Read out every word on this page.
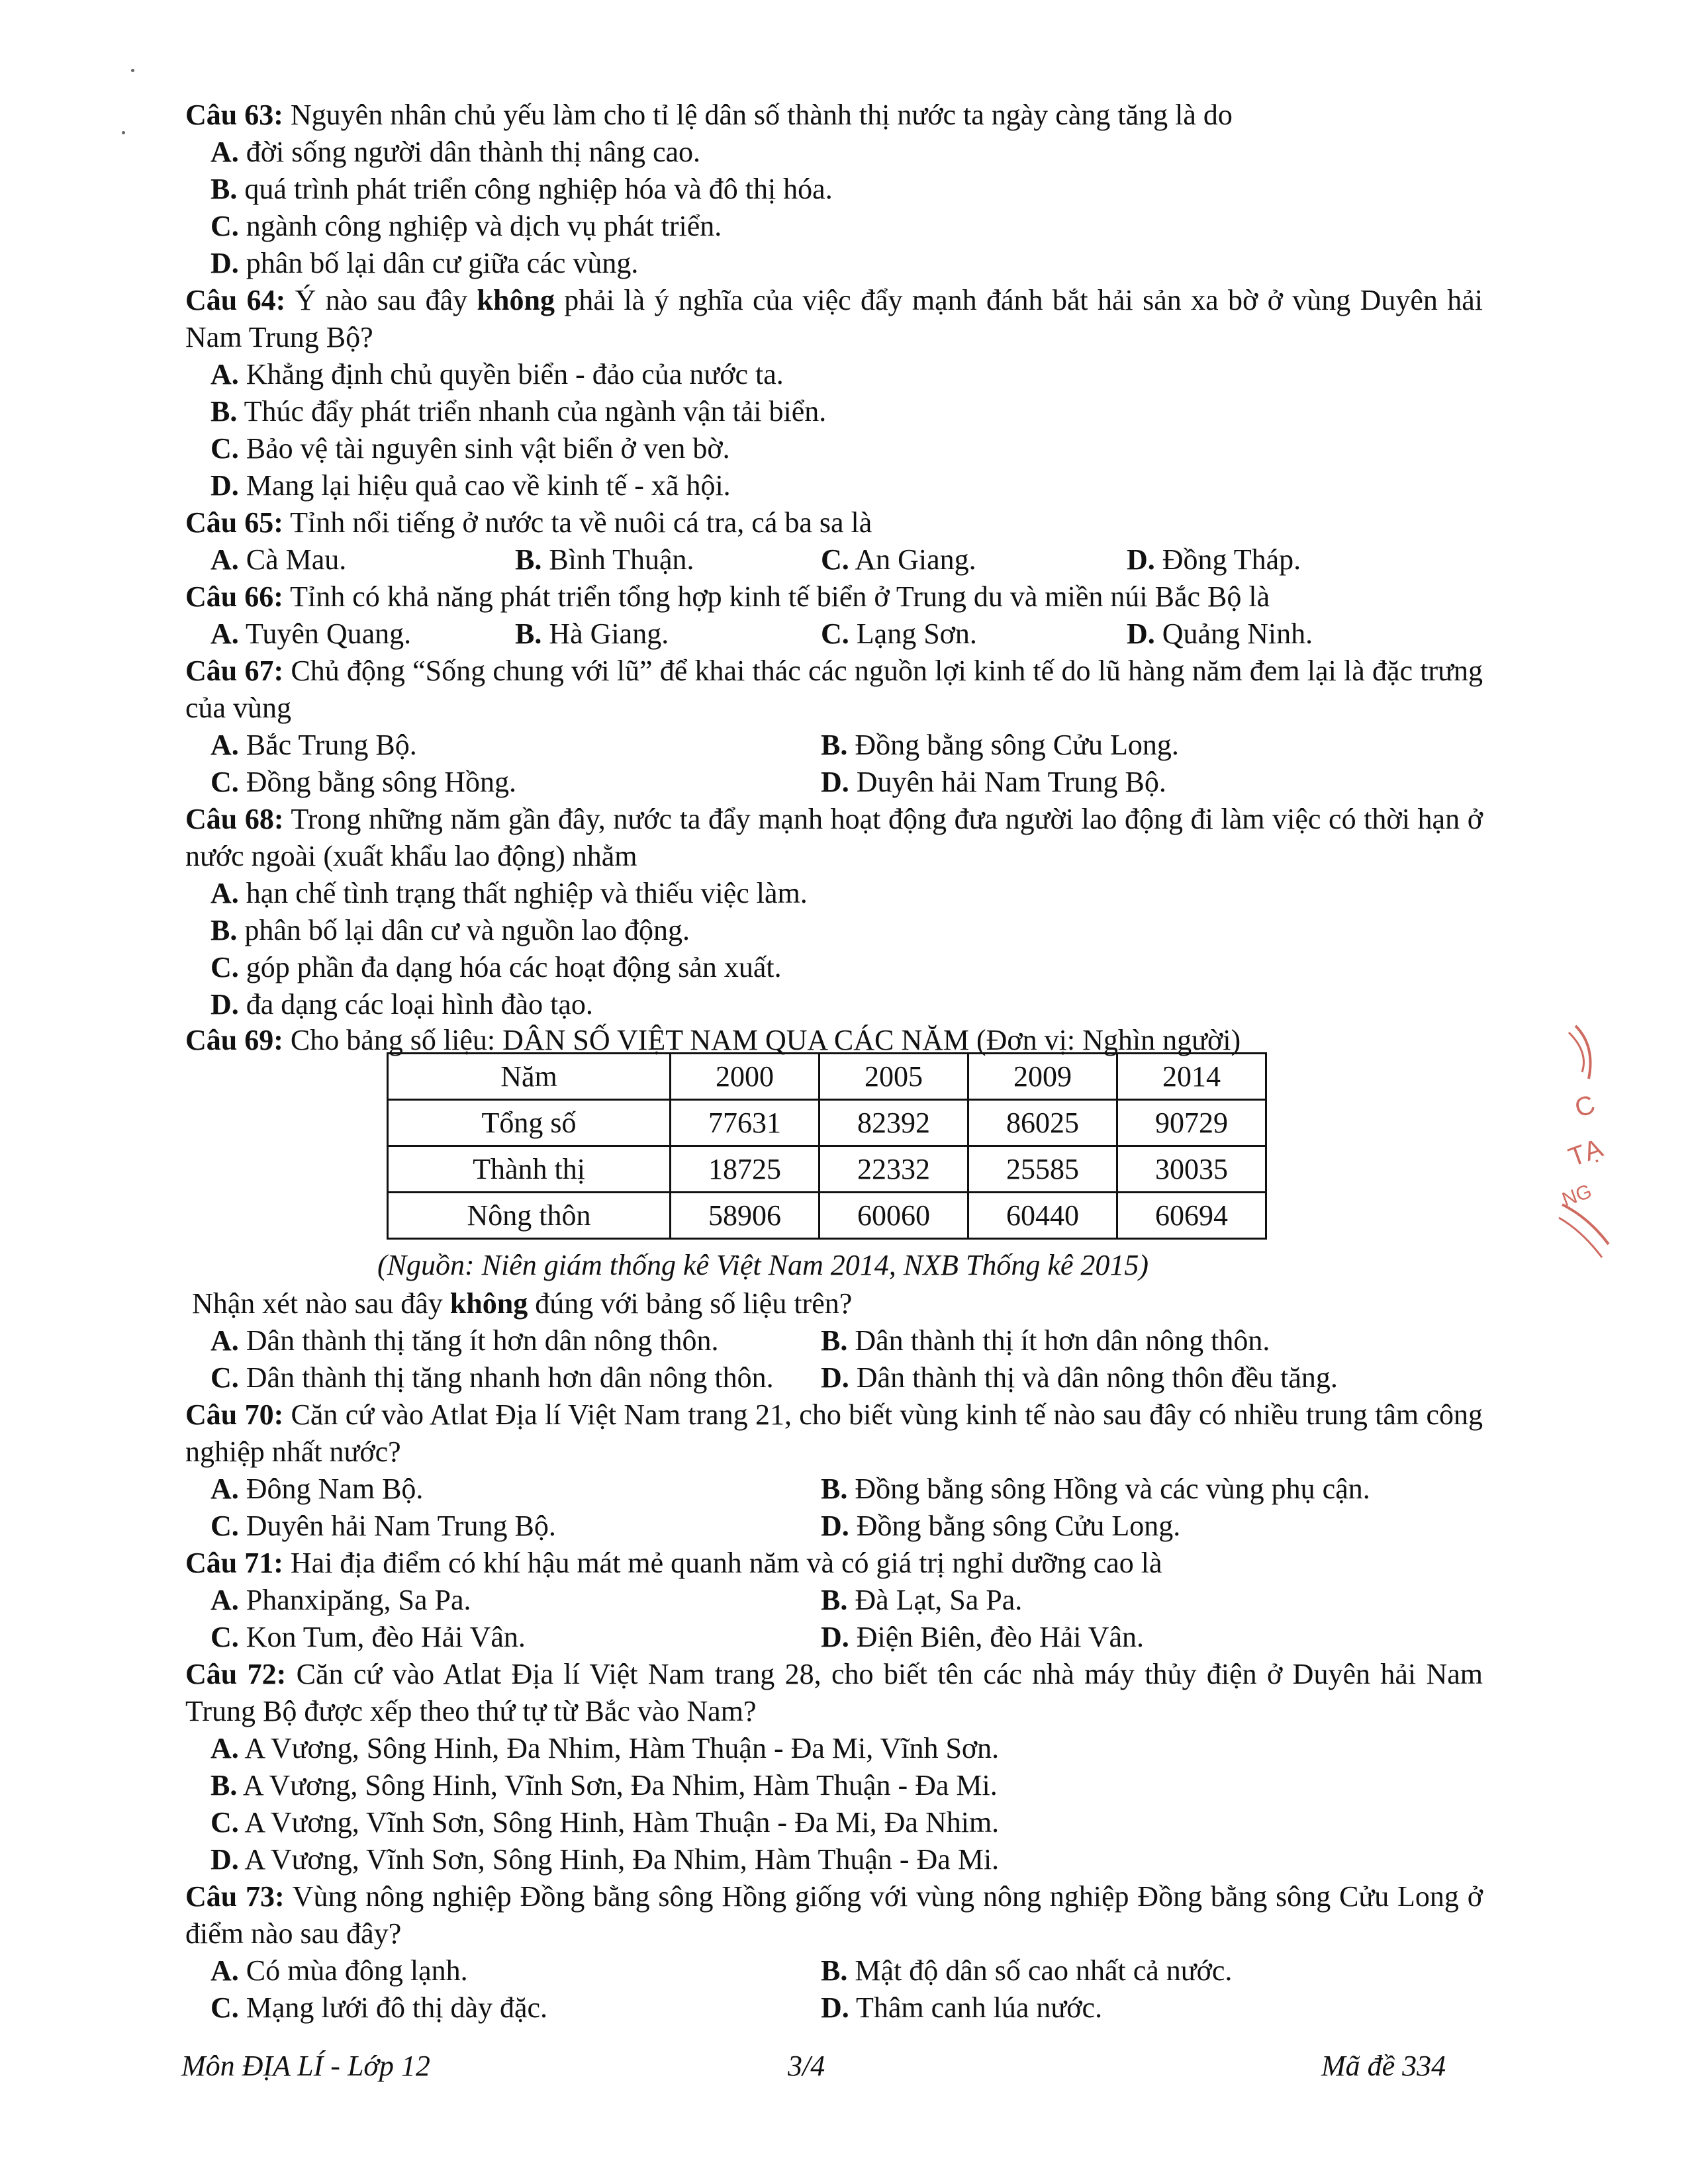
Câu 63: Nguyên nhân chủ yếu làm cho tỉ lệ dân số thành thị nước ta ngày càng tăng là do
A. đời sống người dân thành thị nâng cao.
B. quá trình phát triển công nghiệp hóa và đô thị hóa.
C. ngành công nghiệp và dịch vụ phát triển.
D. phân bố lại dân cư giữa các vùng.
Câu 64: Ý nào sau đây không phải là ý nghĩa của việc đẩy mạnh đánh bắt hải sản xa bờ ở vùng Duyên hải Nam Trung Bộ?
A. Khẳng định chủ quyền biển - đảo của nước ta.
B. Thúc đẩy phát triển nhanh của ngành vận tải biển.
C. Bảo vệ tài nguyên sinh vật biển ở ven bờ.
D. Mang lại hiệu quả cao về kinh tế - xã hội.
Câu 65: Tỉnh nổi tiếng ở nước ta về nuôi cá tra, cá ba sa là
A. Cà Mau.	B. Bình Thuận.	C. An Giang.	D. Đồng Tháp.
Câu 66: Tỉnh có khả năng phát triển tổng hợp kinh tế biển ở Trung du và miền núi Bắc Bộ là
A. Tuyên Quang.	B. Hà Giang.	C. Lạng Sơn.	D. Quảng Ninh.
Câu 67: Chủ động “Sống chung với lũ” để khai thác các nguồn lợi kinh tế do lũ hàng năm đem lại là đặc trưng của vùng
A. Bắc Trung Bộ.	B. Đồng bằng sông Cửu Long.
C. Đồng bằng sông Hồng.	D. Duyên hải Nam Trung Bộ.
Câu 68: Trong những năm gần đây, nước ta đẩy mạnh hoạt động đưa người lao động đi làm việc có thời hạn ở nước ngoài (xuất khẩu lao động) nhằm
A. hạn chế tình trạng thất nghiệp và thiếu việc làm.
B. phân bố lại dân cư và nguồn lao động.
C. góp phần đa dạng hóa các hoạt động sản xuất.
D. đa dạng các loại hình đào tạo.
Câu 69: Cho bảng số liệu: DÂN SỐ VIỆT NAM QUA CÁC NĂM (Đơn vị: Nghìn người)
Năm	2000	2005	2009	2014
Tổng số	77631	82392	86025	90729
Thành thị	18725	22332	25585	30035
Nông thôn	58906	60060	60440	60694
(Nguồn: Niên giám thống kê Việt Nam 2014, NXB Thống kê 2015)
Nhận xét nào sau đây không đúng với bảng số liệu trên?
A. Dân thành thị tăng ít hơn dân nông thôn.	B. Dân thành thị ít hơn dân nông thôn.
C. Dân thành thị tăng nhanh hơn dân nông thôn. D. Dân thành thị và dân nông thôn đều tăng.
Câu 70: Căn cứ vào Atlat Địa lí Việt Nam trang 21, cho biết vùng kinh tế nào sau đây có nhiều trung tâm công nghiệp nhất nước?
A. Đông Nam Bộ.	B. Đồng bằng sông Hồng và các vùng phụ cận.
C. Duyên hải Nam Trung Bộ.	D. Đồng bằng sông Cửu Long.
Câu 71: Hai địa điểm có khí hậu mát mẻ quanh năm và có giá trị nghỉ dưỡng cao là
A. Phanxipăng, Sa Pa.	B. Đà Lạt, Sa Pa.
C. Kon Tum, đèo Hải Vân.	D. Điện Biên, đèo Hải Vân.
Câu 72: Căn cứ vào Atlat Địa lí Việt Nam trang 28, cho biết tên các nhà máy thủy điện ở Duyên hải Nam Trung Bộ được xếp theo thứ tự từ Bắc vào Nam?
A. A Vương, Sông Hinh, Đa Nhim, Hàm Thuận - Đa Mi, Vĩnh Sơn.
B. A Vương, Sông Hinh, Vĩnh Sơn, Đa Nhim, Hàm Thuận - Đa Mi.
C. A Vương, Vĩnh Sơn, Sông Hinh, Hàm Thuận - Đa Mi, Đa Nhim.
D. A Vương, Vĩnh Sơn, Sông Hinh, Đa Nhim, Hàm Thuận - Đa Mi.
Câu 73: Vùng nông nghiệp Đồng bằng sông Hồng giống với vùng nông nghiệp Đồng bằng sông Cửu Long ở điểm nào sau đây?
A. Có mùa đông lạnh.	B. Mật độ dân số cao nhất cả nước.
C. Mạng lưới đô thị dày đặc.	D. Thâm canh lúa nước.
Môn ĐỊA LÍ - Lớp 12	3/4	Mã đề 334
C
TẠ
NG
